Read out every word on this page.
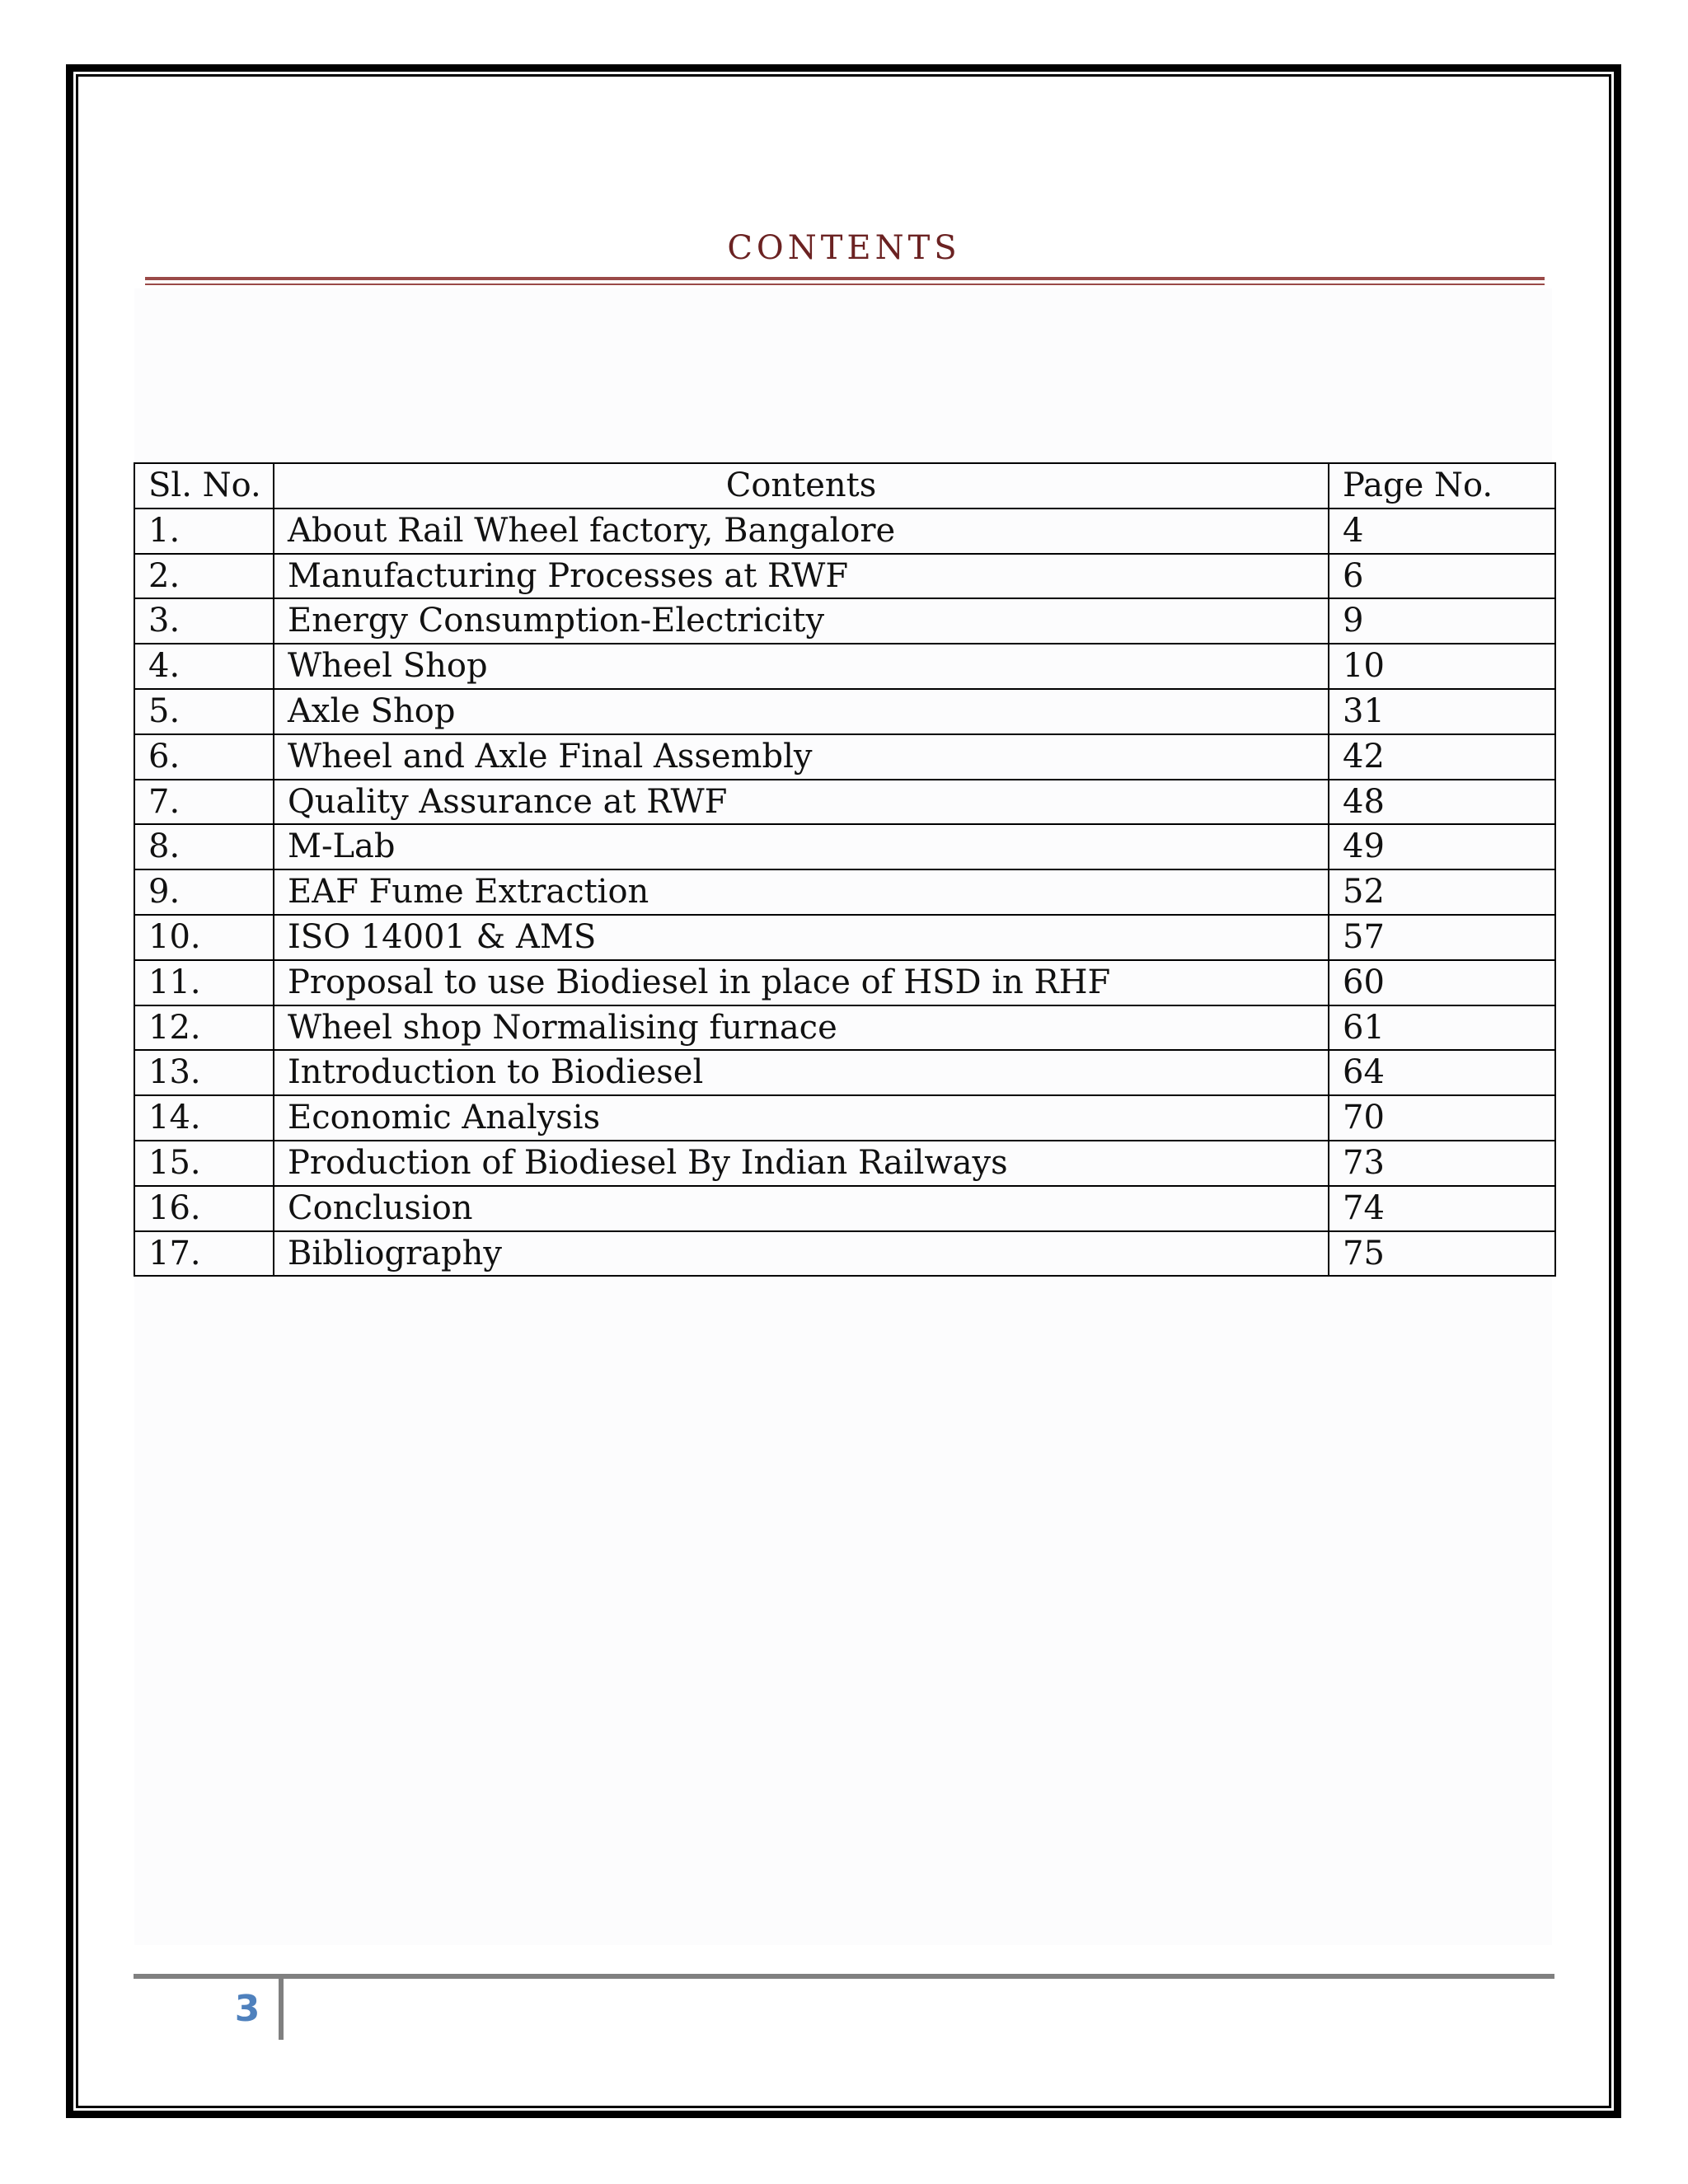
CONTENTS
Sl. No.	Contents	Page No.
1.	About Rail Wheel factory, Bangalore	4
2.	Manufacturing Processes at RWF	6
3.	Energy Consumption-Electricity	9
4.	Wheel Shop	10
5.	Axle Shop	31
6.	Wheel and Axle Final Assembly	42
7.	Quality Assurance at RWF	48
8.	M-Lab	49
9.	EAF Fume Extraction	52
10.	ISO 14001 & AMS	57
11.	Proposal to use Biodiesel in place of HSD in RHF	60
12.	Wheel shop Normalising furnace	61
13.	Introduction to Biodiesel	64
14.	Economic Analysis	70
15.	Production of Biodiesel By Indian Railways	73
16.	Conclusion	74
17.	Bibliography	75
3
